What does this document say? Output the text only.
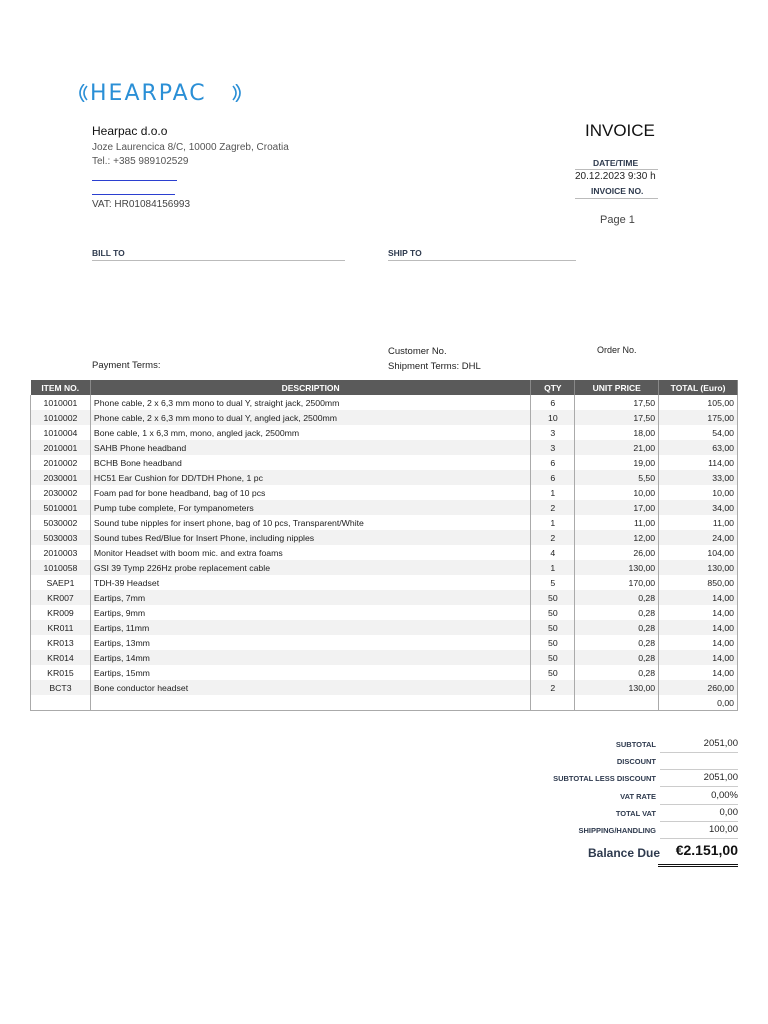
HEARPAC
Hearpac d.o.o
Joze Laurencica 8/C, 10000 Zagreb, Croatia
Tel.: +385 989102529
VAT: HR01084156993
INVOICE
DATE/TIME
20.12.2023 9:30 h
INVOICE NO.
Page 1
BILL TO	SHIP TO
Customer No.	Order No.
Payment Terms:	Shipment Terms: DHL
ITEM NO.	DESCRIPTION	QTY	UNIT PRICE	TOTAL (Euro)
1010001	Phone cable, 2 x 6,3 mm mono to dual Y, straight jack, 2500mm	6	17,50	105,00
1010002	Phone cable, 2 x 6,3 mm mono to dual Y, angled jack, 2500mm	10	17,50	175,00
1010004	Bone cable, 1 x 6,3 mm, mono, angled jack, 2500mm	3	18,00	54,00
2010001	SAHB Phone headband	3	21,00	63,00
2010002	BCHB Bone headband	6	19,00	114,00
2030001	HC51 Ear Cushion for DD/TDH Phone, 1 pc	6	5,50	33,00
2030002	Foam pad for bone headband, bag of 10 pcs	1	10,00	10,00
5010001	Pump tube complete, For tympanometers	2	17,00	34,00
5030002	Sound tube nipples for insert phone, bag of 10 pcs, Transparent/White	1	11,00	11,00
5030003	Sound tubes Red/Blue for Insert Phone, including nipples	2	12,00	24,00
2010003	Monitor Headset with boom mic. and extra foams	4	26,00	104,00
1010058	GSI 39 Tymp 226Hz probe replacement cable	1	130,00	130,00
SAEP1	TDH-39 Headset	5	170,00	850,00
KR007	Eartips, 7mm	50	0,28	14,00
KR009	Eartips, 9mm	50	0,28	14,00
KR011	Eartips, 11mm	50	0,28	14,00
KR013	Eartips, 13mm	50	0,28	14,00
KR014	Eartips, 14mm	50	0,28	14,00
KR015	Eartips, 15mm	50	0,28	14,00
BCT3	Bone conductor headset	2	130,00	260,00
				0,00
SUBTOTAL	2051,00
DISCOUNT
SUBTOTAL LESS DISCOUNT	2051,00
VAT RATE	0,00%
TOTAL VAT	0,00
SHIPPING/HANDLING	100,00
Balance Due	€2.151,00
